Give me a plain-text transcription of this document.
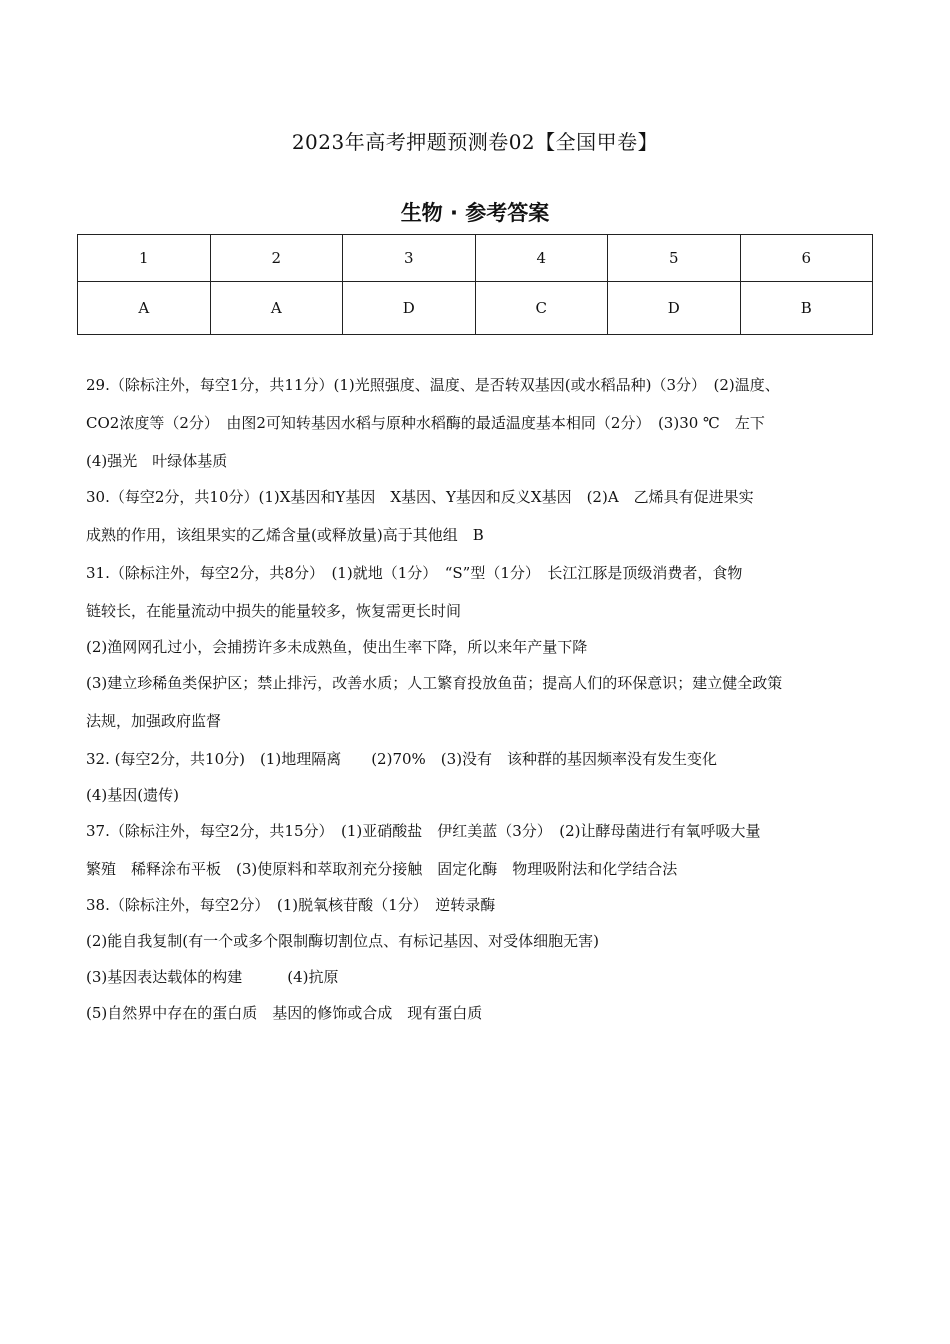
2023年高考押题预测卷02【全国甲卷】
生物 · 参考答案
1	2	3	4	5	6
A	A	D	C	D	B
29.（除标注外，每空1分，共11分）(1)光照强度、温度、是否转双基因(或水稻品种)（3分）　(2)温度、
CO2浓度等（2分）　由图2可知转基因水稻与原种水稻酶的最适温度基本相同（2分）　(3)30 ℃　左下
(4)强光　叶绿体基质
30.（每空2分，共10分）(1)X基因和Y基因　X基因、Y基因和反义X基因　(2)A　乙烯具有促进果实
成熟的作用，该组果实的乙烯含量(或释放量)高于其他组　B
31.（除标注外，每空2分，共8分）　(1)就地（1分）　“S”型（1分）　长江江豚是顶级消费者，食物
链较长，在能量流动中损失的能量较多，恢复需更长时间
(2)渔网网孔过小，会捕捞许多未成熟鱼，使出生率下降，所以来年产量下降
(3)建立珍稀鱼类保护区；禁止排污，改善水质；人工繁育投放鱼苗；提高人们的环保意识；建立健全政策
法规，加强政府监督
32. (每空2分，共10分)　(1)地理隔离　　(2)70%　(3)没有　该种群的基因频率没有发生变化
(4)基因(遗传)
37.（除标注外，每空2分，共15分）　(1)亚硝酸盐　伊红美蓝（3分）　(2)让酵母菌进行有氧呼吸大量
繁殖　稀释涂布平板　(3)使原料和萃取剂充分接触　固定化酶　物理吸附法和化学结合法
38.（除标注外，每空2分）　(1)脱氧核苷酸（1分）　逆转录酶
(2)能自我复制(有一个或多个限制酶切割位点、有标记基因、对受体细胞无害)
(3)基因表达载体的构建　　　(4)抗原
(5)自然界中存在的蛋白质　基因的修饰或合成　现有蛋白质
